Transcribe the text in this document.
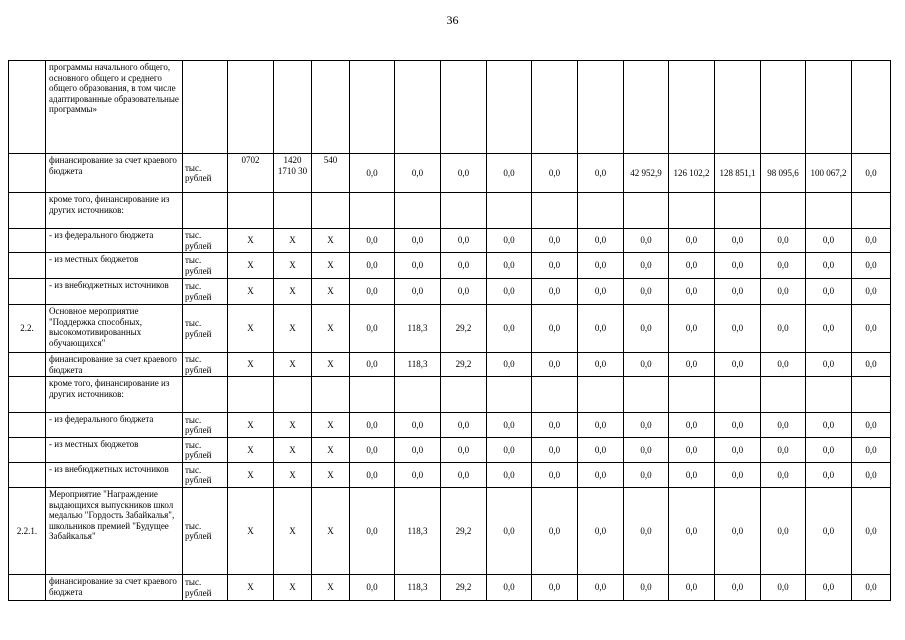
36
	программы начального общего, основного общего и среднего общего образования, в том числе адаптированные образовательные программы»																
	финансирование за счет краевого бюджета	тыс. рублей	0702	1420 1710 30	540	0,0	0,0	0,0	0,0	0,0	0,0	42 952,9	126 102,2	128 851,1	98 095,6	100 067,2	0,0
	кроме того, финансирование из других источников:																
	- из федерального бюджета	тыс. рублей	X	X	X	0,0	0,0	0,0	0,0	0,0	0,0	0,0	0,0	0,0	0,0	0,0	0,0
	- из местных бюджетов	тыс. рублей	X	X	X	0,0	0,0	0,0	0,0	0,0	0,0	0,0	0,0	0,0	0,0	0,0	0,0
	- из внебюджетных источников	тыс. рублей	X	X	X	0,0	0,0	0,0	0,0	0,0	0,0	0,0	0,0	0,0	0,0	0,0	0,0
2.2.	Основное мероприятие "Поддержка способных, высокомотивированных обучающихся"	тыс. рублей	X	X	X	0,0	118,3	29,2	0,0	0,0	0,0	0,0	0,0	0,0	0,0	0,0	0,0
	финансирование за счет краевого бюджета	тыс. рублей	X	X	X	0,0	118,3	29,2	0,0	0,0	0,0	0,0	0,0	0,0	0,0	0,0	0,0
	кроме того, финансирование из других источников:																
	- из федерального бюджета	тыс. рублей	X	X	X	0,0	0,0	0,0	0,0	0,0	0,0	0,0	0,0	0,0	0,0	0,0	0,0
	- из местных бюджетов	тыс. рублей	X	X	X	0,0	0,0	0,0	0,0	0,0	0,0	0,0	0,0	0,0	0,0	0,0	0,0
	- из внебюджетных источников	тыс. рублей	X	X	X	0,0	0,0	0,0	0,0	0,0	0,0	0,0	0,0	0,0	0,0	0,0	0,0
2.2.1.	Мероприятие "Награждение выдающихся выпускников школ медалью "Гордость Забайкалья", школьников премией "Будущее Забайкалья"	тыс. рублей	X	X	X	0,0	118,3	29,2	0,0	0,0	0,0	0,0	0,0	0,0	0,0	0,0	0,0
	финансирование за счет краевого бюджета	тыс. рублей	X	X	X	0,0	118,3	29,2	0,0	0,0	0,0	0,0	0,0	0,0	0,0	0,0	0,0
